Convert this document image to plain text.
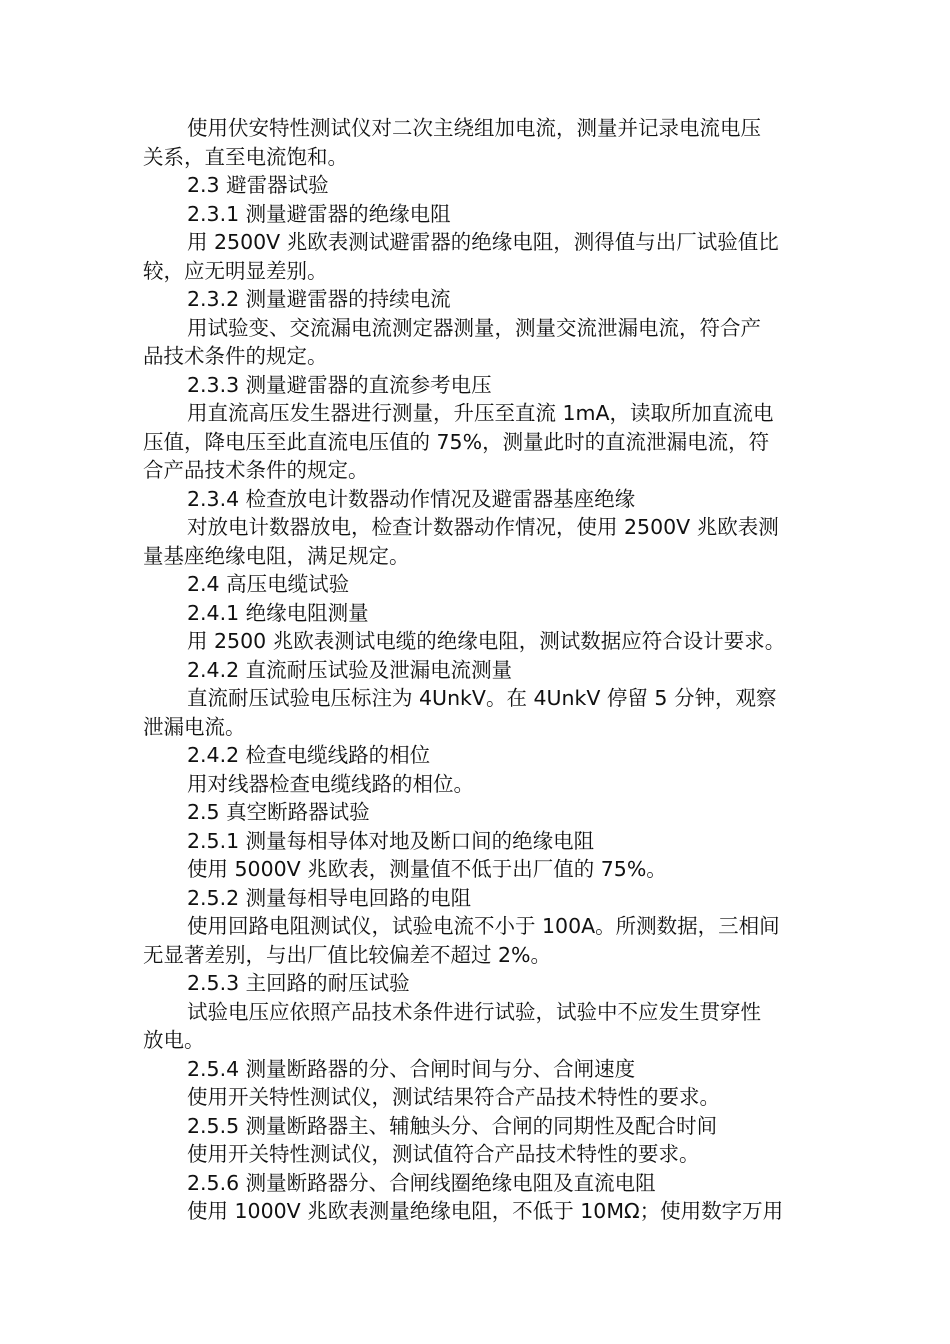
使用伏安特性测试仪对二次主绕组加电流，测量并记录电流电压
关系，直至电流饱和。

2.3 避雷器试验

2.3.1 测量避雷器的绝缘电阻

用 2500V 兆欧表测试避雷器的绝缘电阻，测得值与出厂试验值比
较，应无明显差别。

2.3.2 测量避雷器的持续电流

用试验变、交流漏电流测定器测量，测量交流泄漏电流，符合产
品技术条件的规定。

2.3.3 测量避雷器的直流参考电压

用直流高压发生器进行测量，升压至直流 1mA，读取所加直流电
压值，降电压至此直流电压值的 75%，测量此时的直流泄漏电流，符
合产品技术条件的规定。

2.3.4 检查放电计数器动作情况及避雷器基座绝缘

对放电计数器放电，检查计数器动作情况，使用 2500V 兆欧表测
量基座绝缘电阻，满足规定。

2.4 高压电缆试验

2.4.1 绝缘电阻测量

用 2500 兆欧表测试电缆的绝缘电阻，测试数据应符合设计要求。

2.4.2 直流耐压试验及泄漏电流测量

直流耐压试验电压标注为 4UnkV。在 4UnkV 停留 5 分钟，观察
泄漏电流。

2.4.2 检查电缆线路的相位

用对线器检查电缆线路的相位。

2.5 真空断路器试验

2.5.1 测量每相导体对地及断口间的绝缘电阻

使用 5000V 兆欧表，测量值不低于出厂值的 75%。

2.5.2 测量每相导电回路的电阻

使用回路电阻测试仪，试验电流不小于 100A。所测数据，三相间
无显著差别，与出厂值比较偏差不超过 2%。

2.5.3 主回路的耐压试验

试验电压应依照产品技术条件进行试验，试验中不应发生贯穿性
放电。

2.5.4 测量断路器的分、合闸时间与分、合闸速度

使用开关特性测试仪，测试结果符合产品技术特性的要求。

2.5.5 测量断路器主、辅触头分、合闸的同期性及配合时间

使用开关特性测试仪，测试值符合产品技术特性的要求。

2.5.6 测量断路器分、合闸线圈绝缘电阻及直流电阻

使用 1000V 兆欧表测量绝缘电阻，不低于 10MΩ；使用数字万用
